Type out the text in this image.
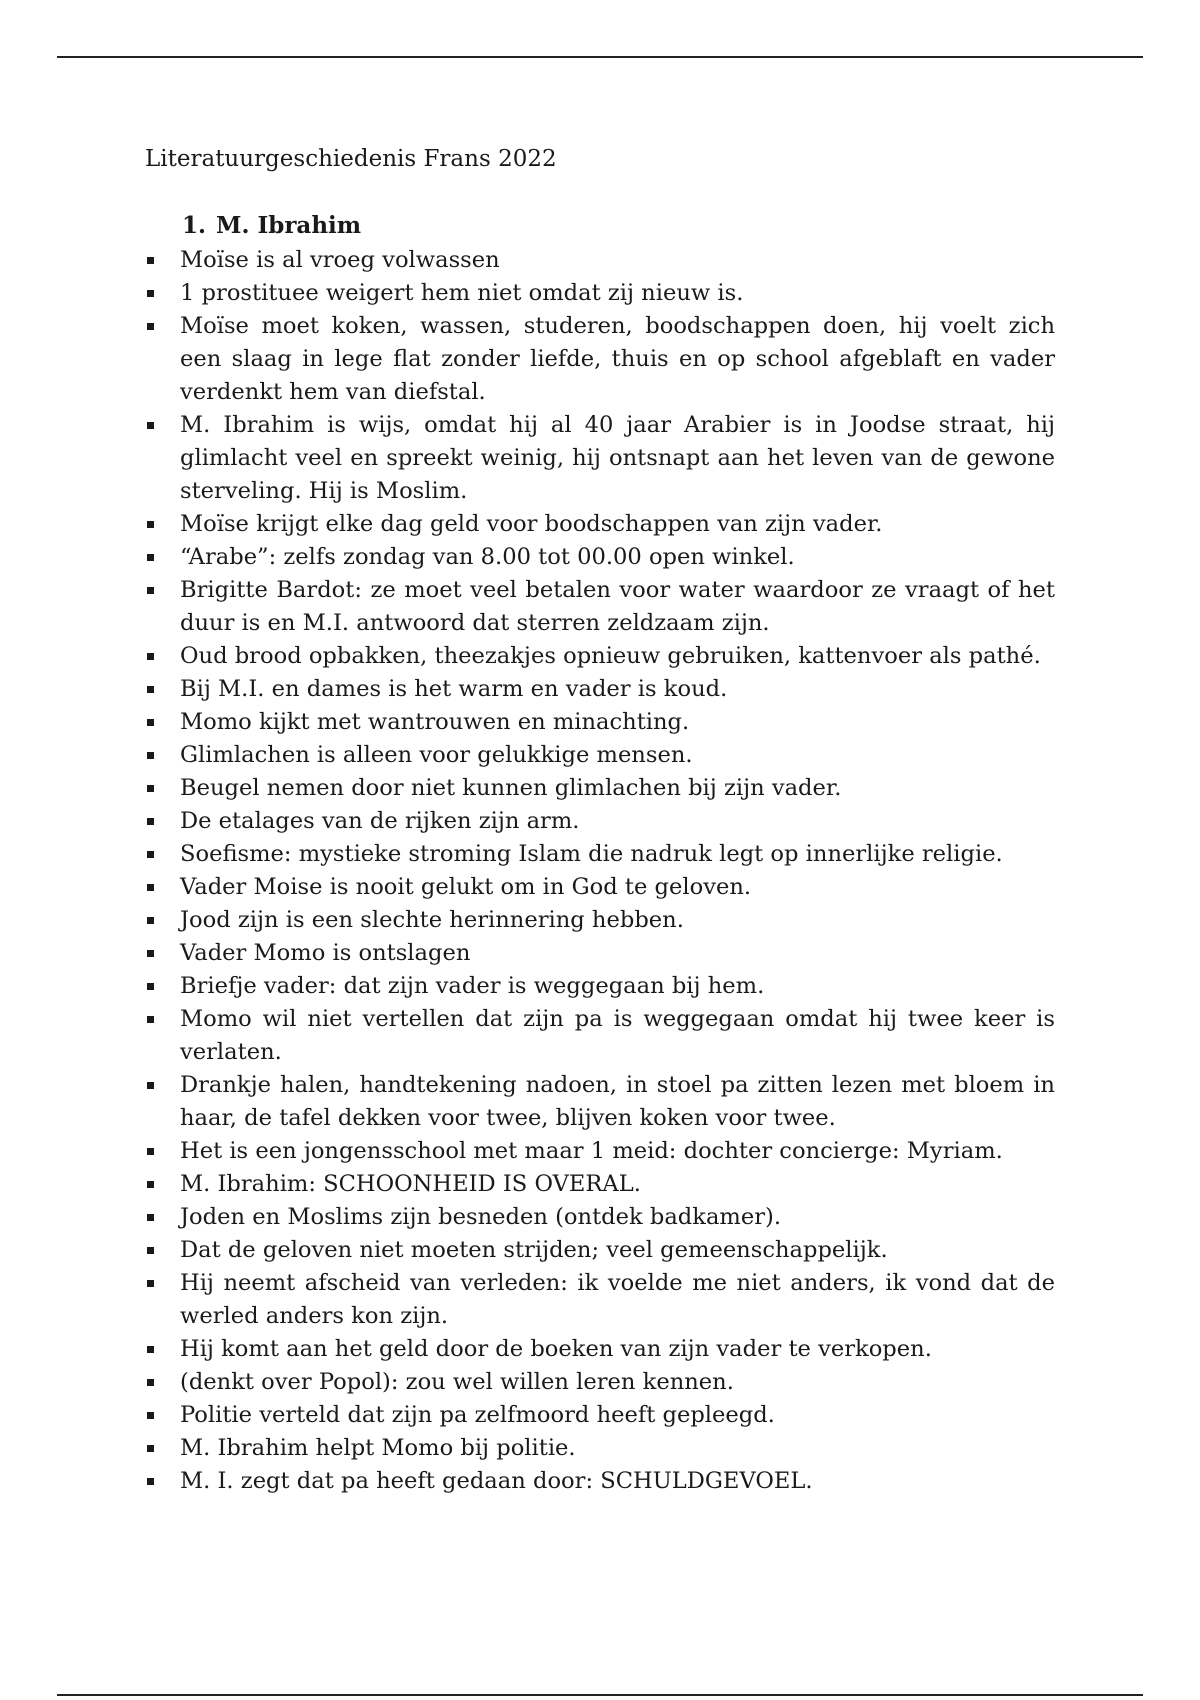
Literatuurgeschiedenis Frans 2022
1. M. Ibrahim
Moïse is al vroeg volwassen
1 prostituee weigert hem niet omdat zij nieuw is.
Moïse moet koken, wassen, studeren, boodschappen doen, hij voelt zich een slaag in lege flat zonder liefde, thuis en op school afgeblaft en vader verdenkt hem van diefstal.
M. Ibrahim is wijs, omdat hij al 40 jaar Arabier is in Joodse straat, hij glimlacht veel en spreekt weinig, hij ontsnapt aan het leven van de gewone sterveling. Hij is Moslim.
Moïse krijgt elke dag geld voor boodschappen van zijn vader.
“Arabe”: zelfs zondag van 8.00 tot 00.00 open winkel.
Brigitte Bardot: ze moet veel betalen voor water waardoor ze vraagt of het duur is en M.I. antwoord dat sterren zeldzaam zijn.
Oud brood opbakken, theezakjes opnieuw gebruiken, kattenvoer als pathé.
Bij M.I. en dames is het warm en vader is koud.
Momo kijkt met wantrouwen en minachting.
Glimlachen is alleen voor gelukkige mensen.
Beugel nemen door niet kunnen glimlachen bij zijn vader.
De etalages van de rijken zijn arm.
Soefisme: mystieke stroming Islam die nadruk legt op innerlijke religie.
Vader Moise is nooit gelukt om in God te geloven.
Jood zijn is een slechte herinnering hebben.
Vader Momo is ontslagen
Briefje vader: dat zijn vader is weggegaan bij hem.
Momo wil niet vertellen dat zijn pa is weggegaan omdat hij twee keer is verlaten.
Drankje halen, handtekening nadoen, in stoel pa zitten lezen met bloem in haar, de tafel dekken voor twee, blijven koken voor twee.
Het is een jongensschool met maar 1 meid: dochter concierge: Myriam.
M. Ibrahim: SCHOONHEID IS OVERAL.
Joden en Moslims zijn besneden (ontdek badkamer).
Dat de geloven niet moeten strijden; veel gemeenschappelijk.
Hij neemt afscheid van verleden: ik voelde me niet anders, ik vond dat de werled anders kon zijn.
Hij komt aan het geld door de boeken van zijn vader te verkopen.
(denkt over Popol): zou wel willen leren kennen.
Politie verteld dat zijn pa zelfmoord heeft gepleegd.
M. Ibrahim helpt Momo bij politie.
M. I. zegt dat pa heeft gedaan door: SCHULDGEVOEL.
